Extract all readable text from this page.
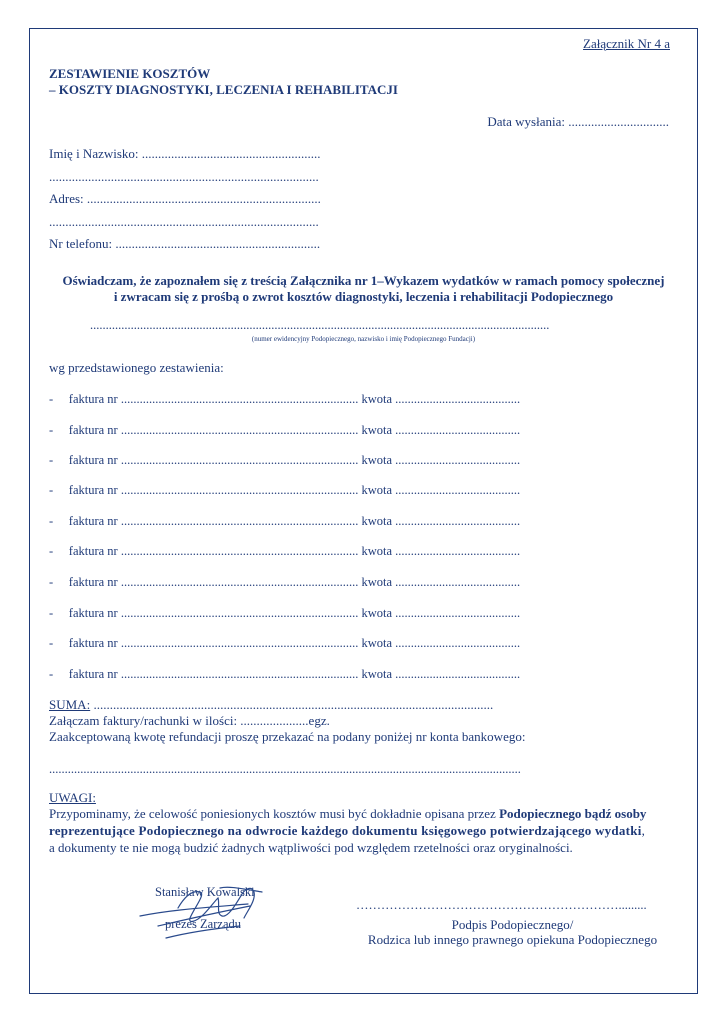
Załącznik Nr 4 a
ZESTAWIENIE KOSZTÓW
– KOSZTY DIAGNOSTYKI, LECZENIA I REHABILITACJI
Data wysłania: ...............................
Imię i Nazwisko: .......................................................
...................................................................................
Adres: ........................................................................
...................................................................................
Nr telefonu: ...............................................................
Oświadczam, że zapoznałem się z treścią Załącznika nr 1–Wykazem wydatków w ramach pomocy społecznej
i zwracam się z prośbą o zwrot kosztów diagnostyki, leczenia i rehabilitacji Podopiecznego
...................................................................................................................................................
(numer ewidencyjny Podopiecznego, nazwisko i imię Podopiecznego Fundacji)
wg przedstawionego zestawienia:
-     faktura nr ............................................................................ kwota ........................................
-     faktura nr ............................................................................ kwota ........................................
-     faktura nr ............................................................................ kwota ........................................
-     faktura nr ............................................................................ kwota ........................................
-     faktura nr ............................................................................ kwota ........................................
-     faktura nr ............................................................................ kwota ........................................
-     faktura nr ............................................................................ kwota ........................................
-     faktura nr ............................................................................ kwota ........................................
-     faktura nr ............................................................................ kwota ........................................
-     faktura nr ............................................................................ kwota ........................................
SUMA: ...........................................................................................................................
Załączam faktury/rachunki w ilości: .....................egz.
Zaakceptowaną kwotę refundacji proszę przekazać na podany poniżej nr konta bankowego:
.......................................................................................................................................................
UWAGI:
Przypominamy, że celowość poniesionych kosztów musi być dokładnie opisana przez Podopiecznego bądź osoby
reprezentujące Podopiecznego na odwrocie każdego dokumentu księgowego potwierdzającego wydatki,
a dokumenty te nie mogą budzić żadnych wątpliwości pod względem rzetelności oraz oryginalności.
Stanisław Kowalski
prezes Zarządu
……………………………………………………….........
Podpis Podopiecznego/
Rodzica lub innego prawnego opiekuna Podopiecznego
